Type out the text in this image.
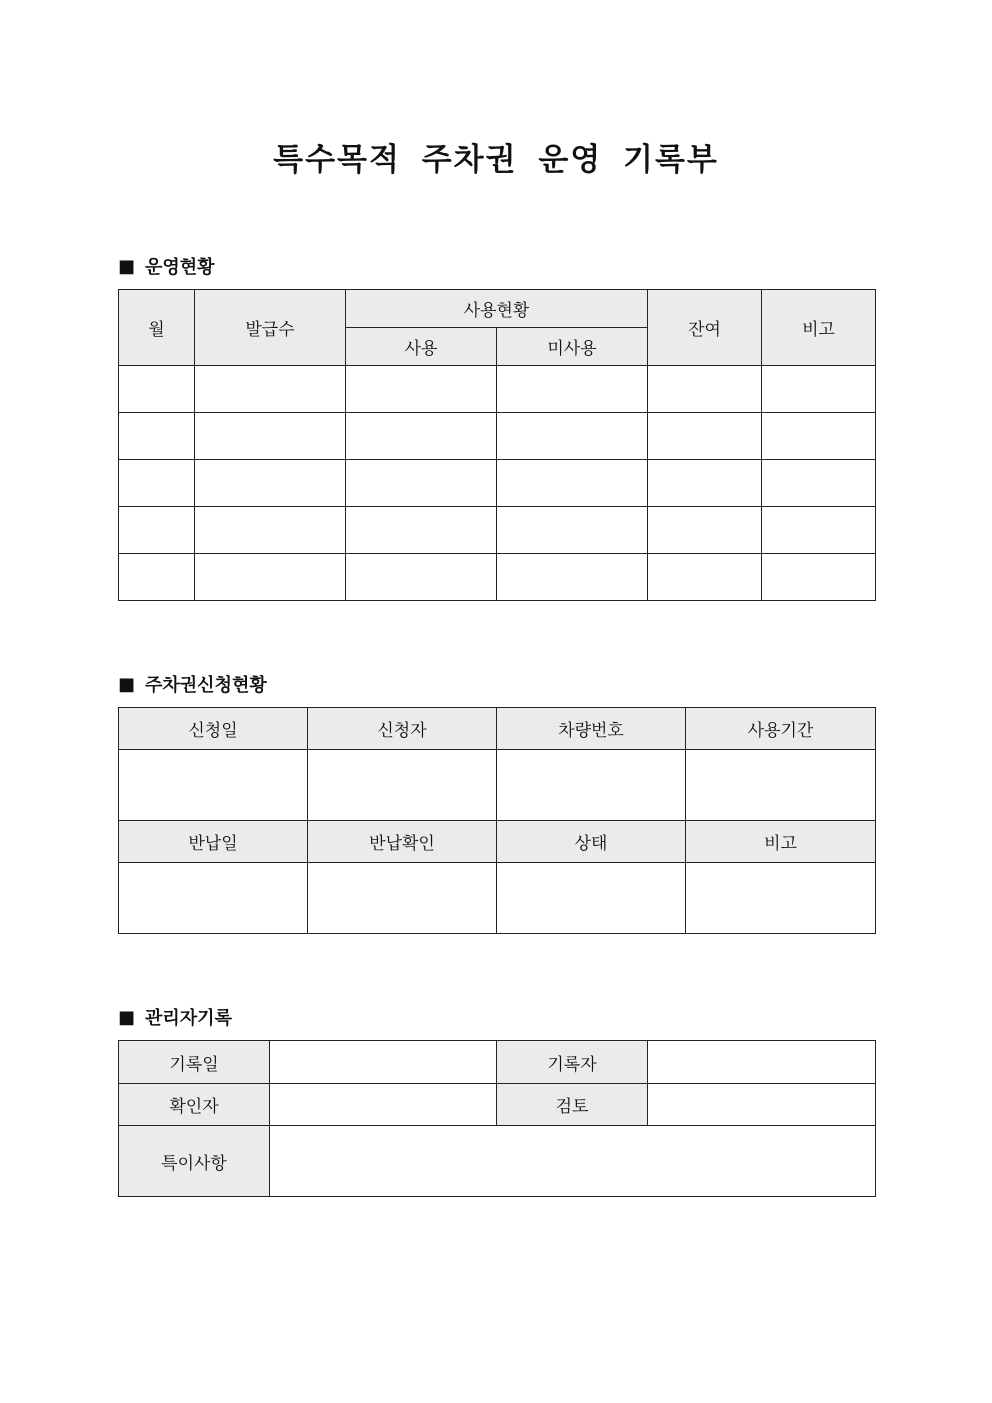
특수목적 주차권 운영 기록부
■ 운영현황
월	발급수	사용현황		잔여	비고
		사용	미사용		

■ 주차권신청현황
신청일	신청자	차량번호	사용기간

반납일	반납확인	상태	비고

■ 관리자기록
기록일		기록자	
확인자		검토	
특이사항			
